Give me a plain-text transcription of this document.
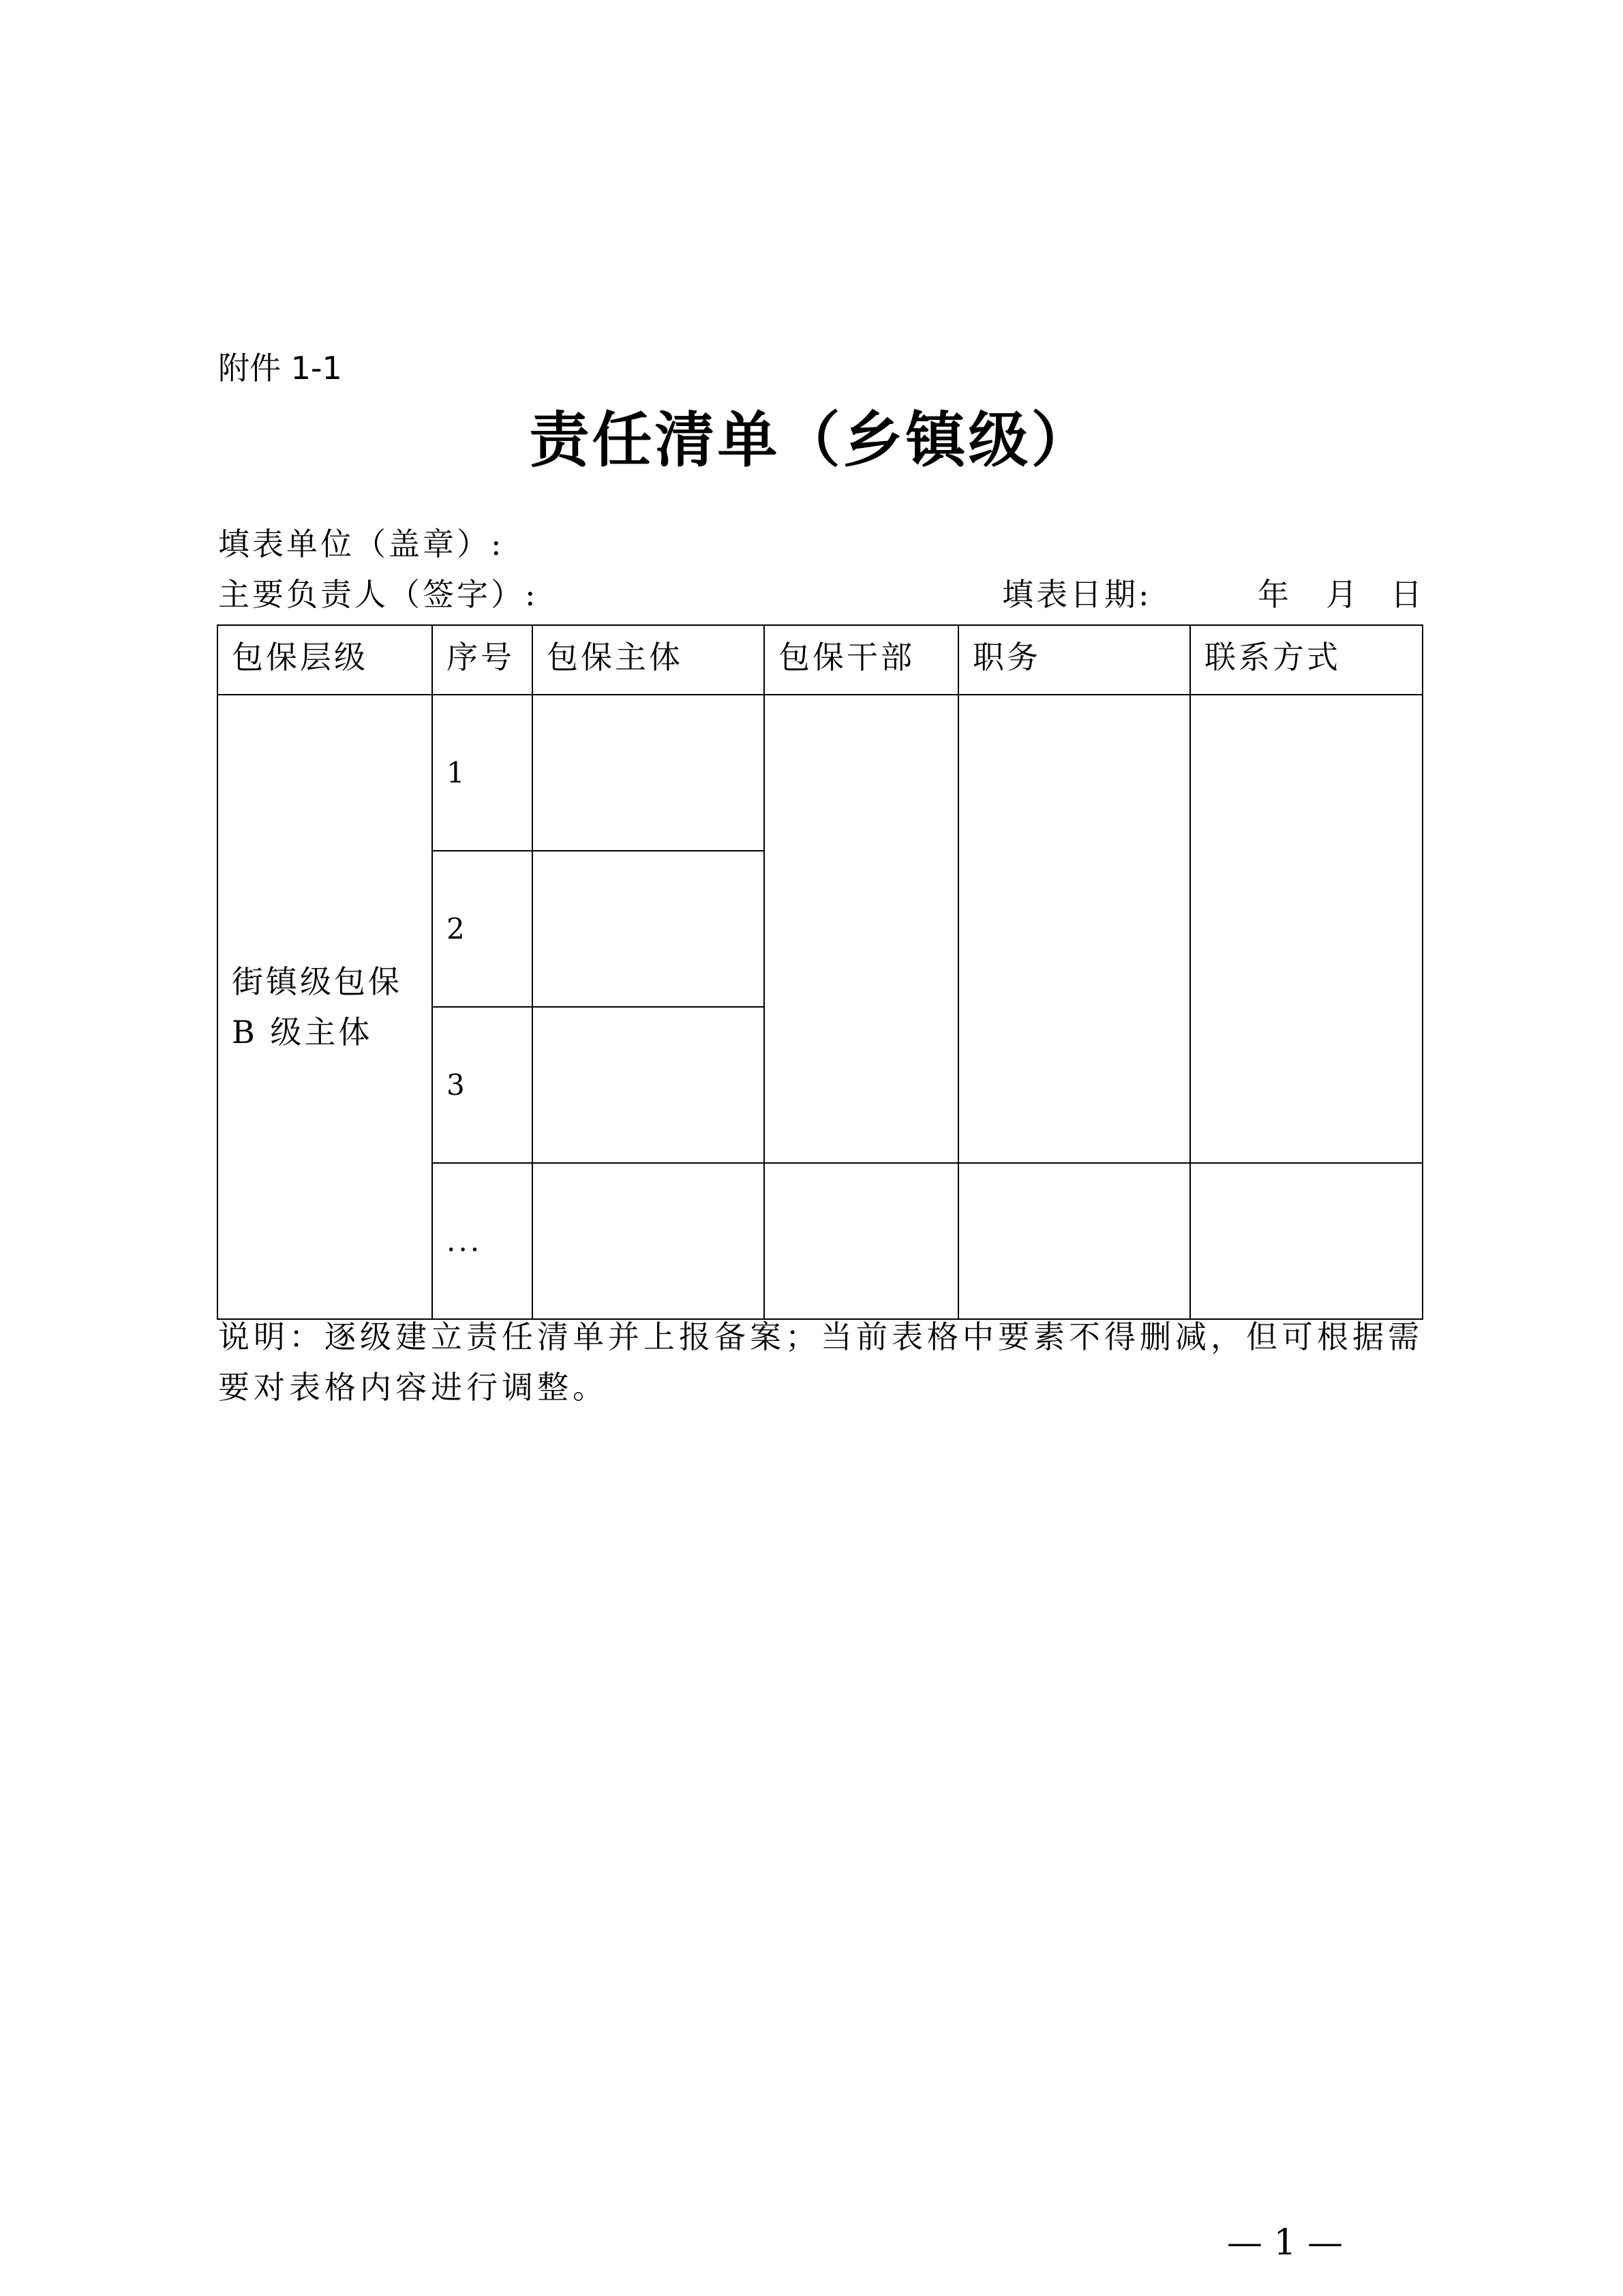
附件 1-1
责任清单（乡镇级）
填表单位（盖章）:
主要负责人（签字）:	填表日期:	年 月 日
包保层级	序号	包保主体	包保干部	职务	联系方式

街镇级包保
B 级主体	1				
	2				
	3				
	...				
说明：逐级建立责任清单并上报备案；当前表格中要素不得删减，但可根据需要对表格内容进行调整。
— 1 —
